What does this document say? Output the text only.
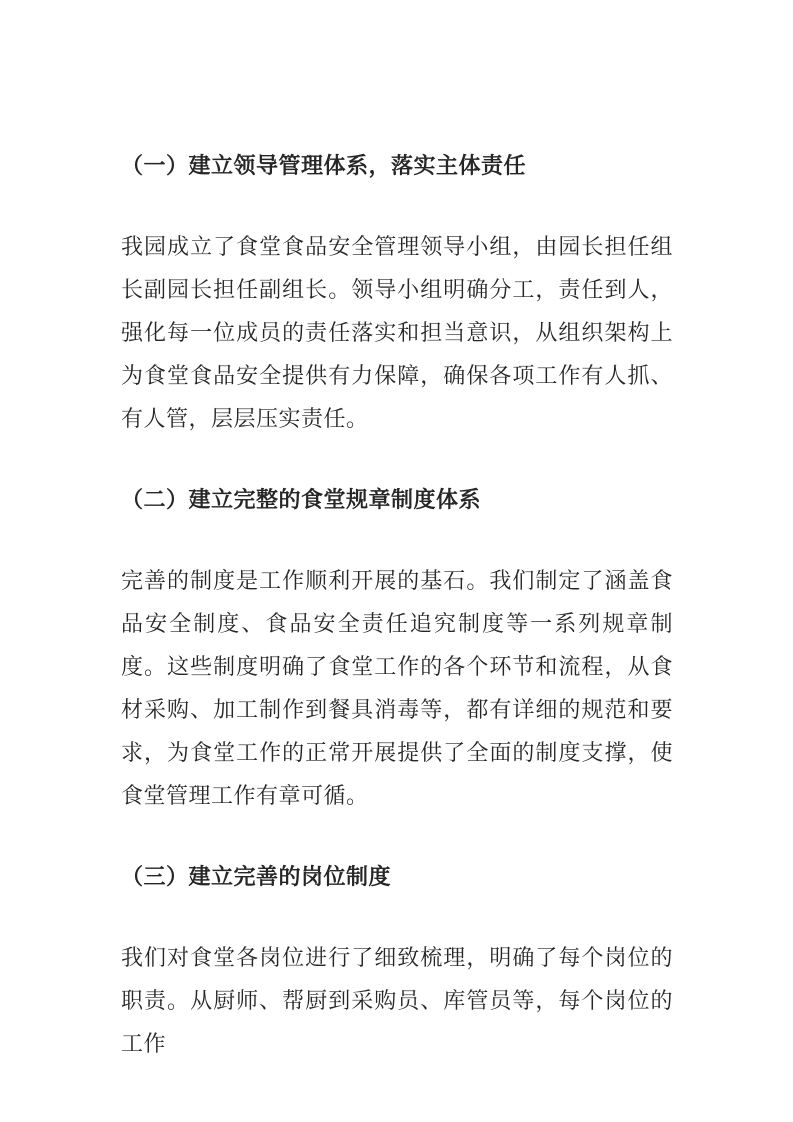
（一）建立领导管理体系，落实主体责任

我园成立了食堂食品安全管理领导小组，由园长担任组长副园长担任副组长。领导小组明确分工，责任到人，强化每一位成员的责任落实和担当意识，从组织架构上为食堂食品安全提供有力保障，确保各项工作有人抓、有人管，层层压实责任。

（二）建立完整的食堂规章制度体系

完善的制度是工作顺利开展的基石。我们制定了涵盖食品安全制度、食品安全责任追究制度等一系列规章制度。这些制度明确了食堂工作的各个环节和流程，从食材采购、加工制作到餐具消毒等，都有详细的规范和要求，为食堂工作的正常开展提供了全面的制度支撑，使食堂管理工作有章可循。

（三）建立完善的岗位制度

我们对食堂各岗位进行了细致梳理，明确了每个岗位的职责。从厨师、帮厨到采购员、库管员等，每个岗位的工作
